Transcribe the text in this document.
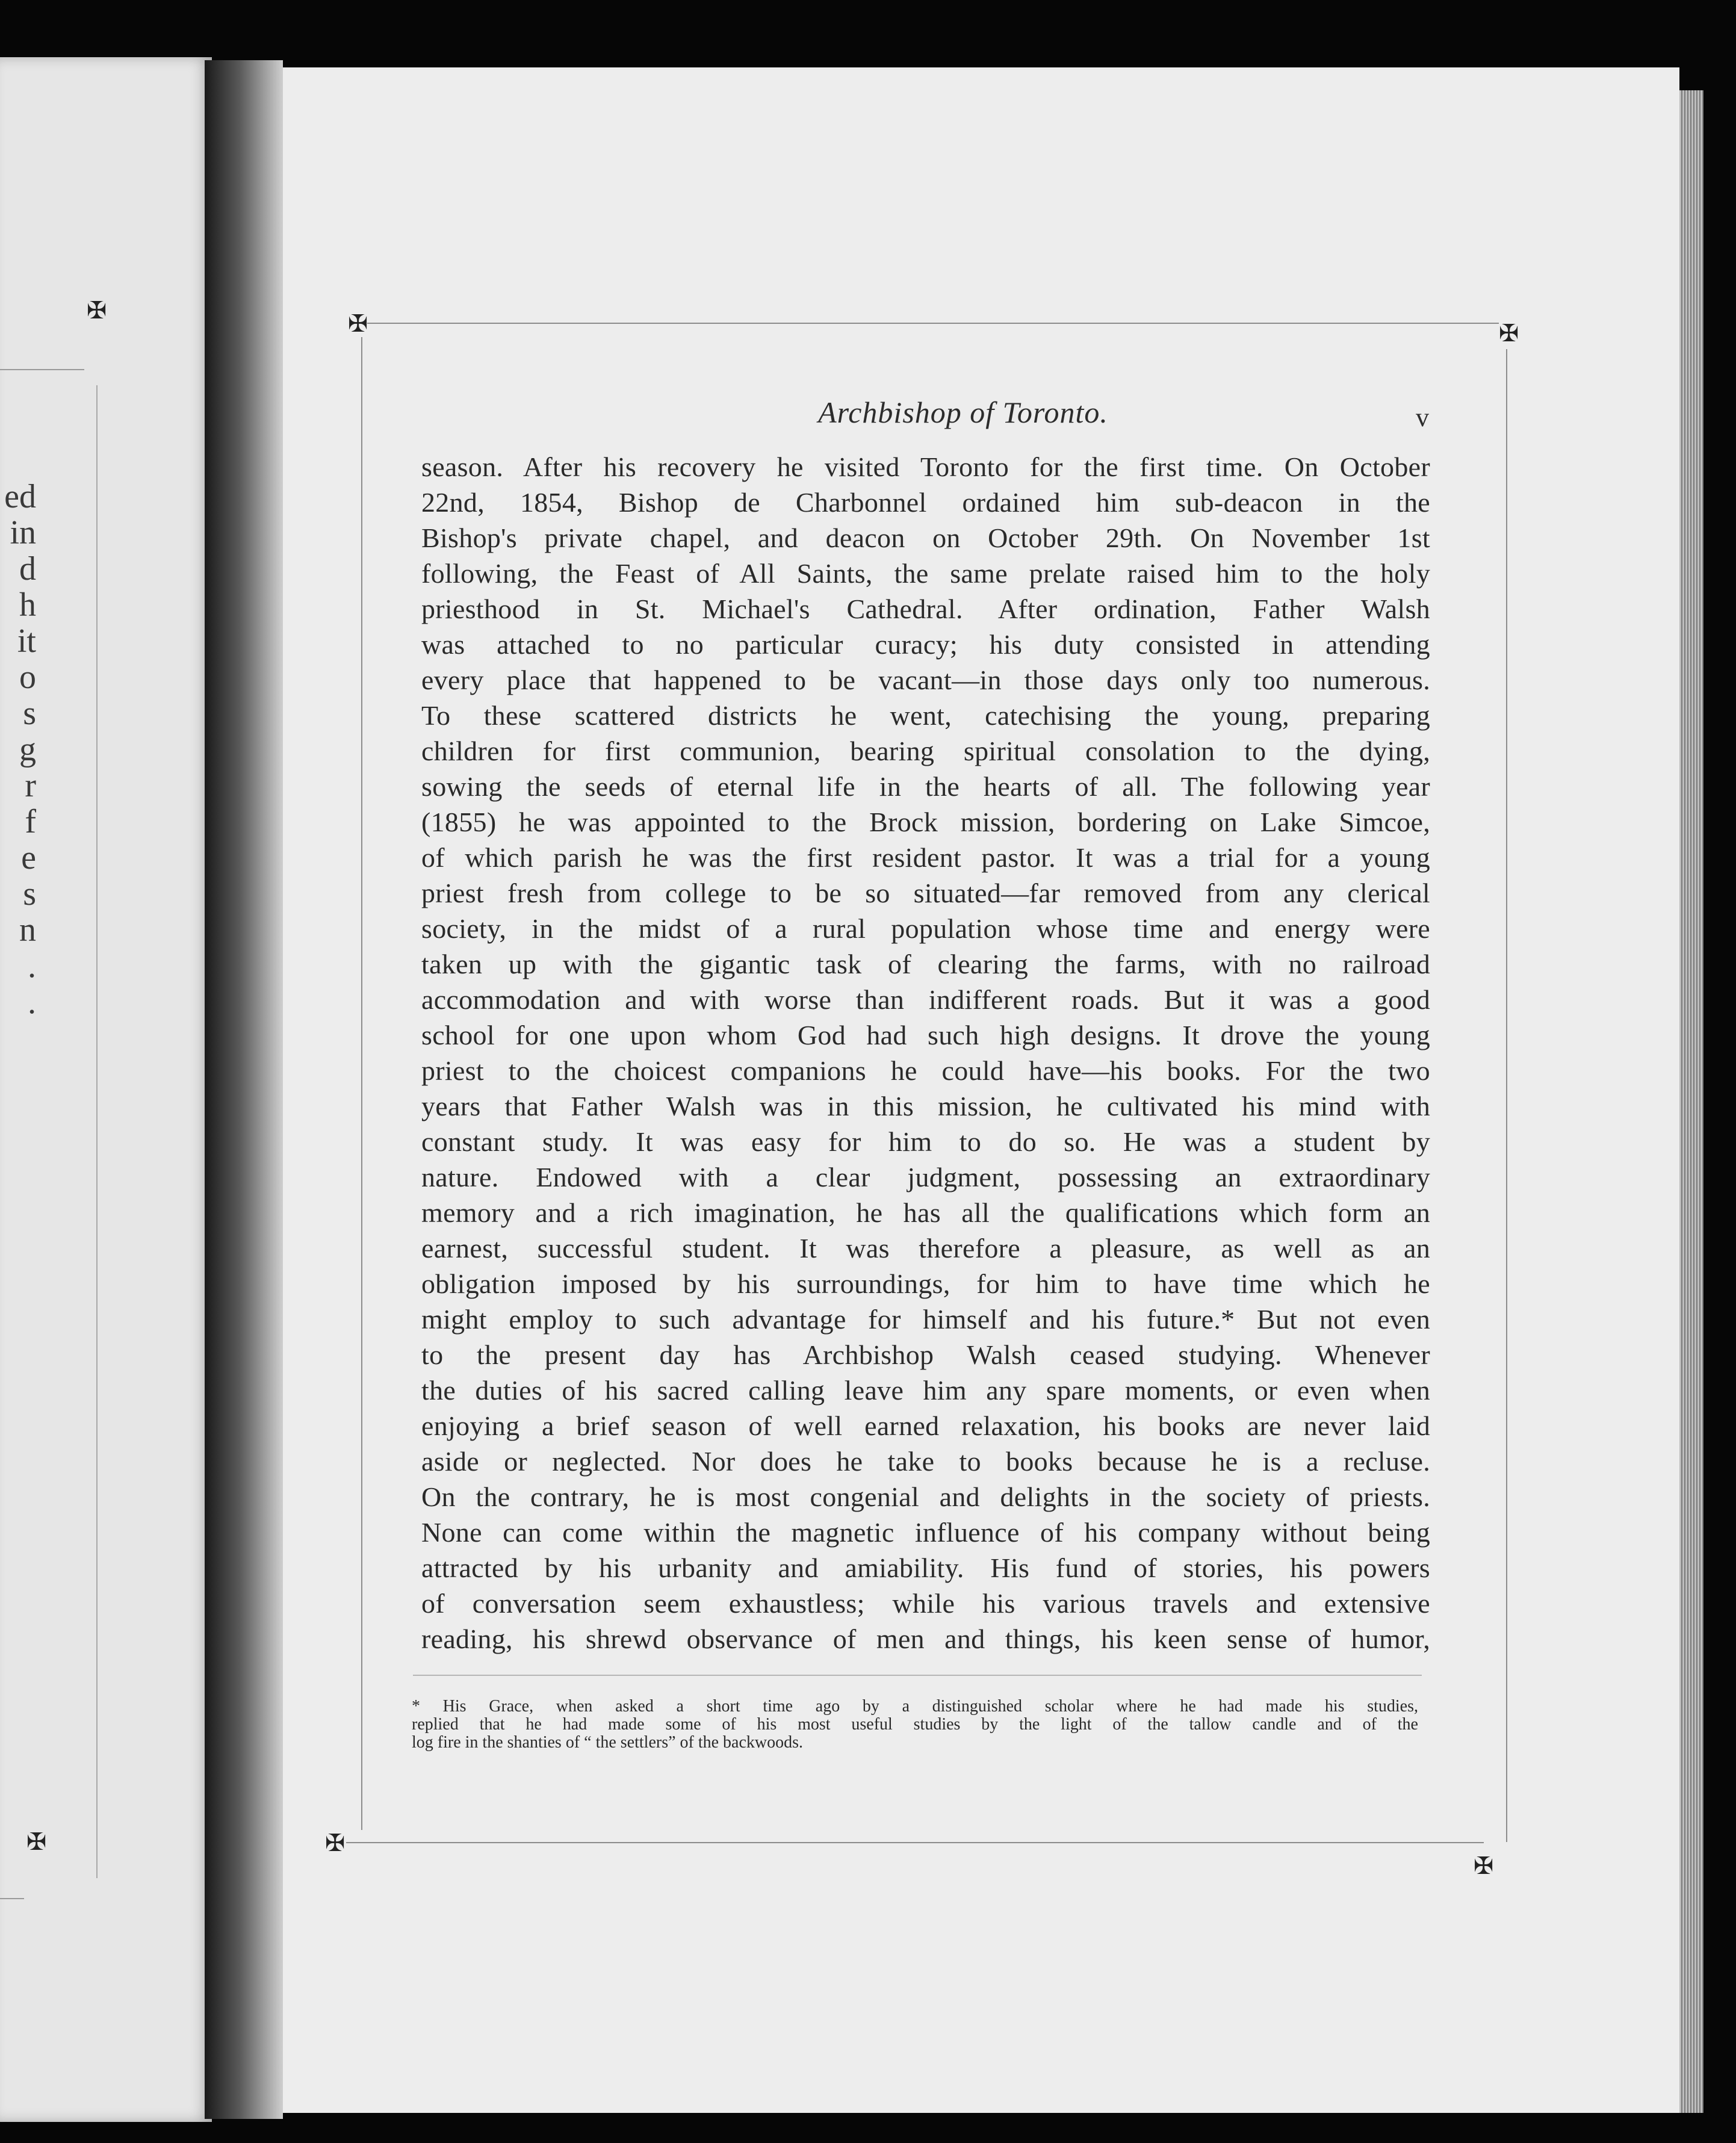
ed
in
d
h
it
o
s
g
r
f
e
s
n
.
.
✠
✠
✠	✠
✠
✠
Archbishop of Toronto.	v
season. After his recovery he visited Toronto for the first time. On October
22nd, 1854, Bishop de Charbonnel ordained him sub-deacon in the
Bishop's private chapel, and deacon on October 29th. On November 1st
following, the Feast of All Saints, the same prelate raised him to the holy
priesthood in St. Michael's Cathedral. After ordination, Father Walsh
was attached to no particular curacy; his duty consisted in attending
every place that happened to be vacant—in those days only too numerous.
To these scattered districts he went, catechising the young, preparing
children for first communion, bearing spiritual consolation to the dying,
sowing the seeds of eternal life in the hearts of all. The following year
(1855) he was appointed to the Brock mission, bordering on Lake Simcoe,
of which parish he was the first resident pastor. It was a trial for a young
priest fresh from college to be so situated—far removed from any clerical
society, in the midst of a rural population whose time and energy were
taken up with the gigantic task of clearing the farms, with no railroad
accommodation and with worse than indifferent roads. But it was a good
school for one upon whom God had such high designs. It drove the young
priest to the choicest companions he could have—his books. For the two
years that Father Walsh was in this mission, he cultivated his mind with
constant study. It was easy for him to do so. He was a student by
nature. Endowed with a clear judgment, possessing an extraordinary
memory and a rich imagination, he has all the qualifications which form an
earnest, successful student. It was therefore a pleasure, as well as an
obligation imposed by his surroundings, for him to have time which he
might employ to such advantage for himself and his future.* But not even
to the present day has Archbishop Walsh ceased studying. Whenever
the duties of his sacred calling leave him any spare moments, or even when
enjoying a brief season of well earned relaxation, his books are never laid
aside or neglected. Nor does he take to books because he is a recluse.
On the contrary, he is most congenial and delights in the society of priests.
None can come within the magnetic influence of his company without being
attracted by his urbanity and amiability. His fund of stories, his powers
of conversation seem exhaustless; while his various travels and extensive
reading, his shrewd observance of men and things, his keen sense of humor,
* His Grace, when asked a short time ago by a distinguished scholar where he had made his studies,
replied that he had made some of his most useful studies by the light of the tallow candle and of the
log fire in the shanties of “ the settlers” of the backwoods.
